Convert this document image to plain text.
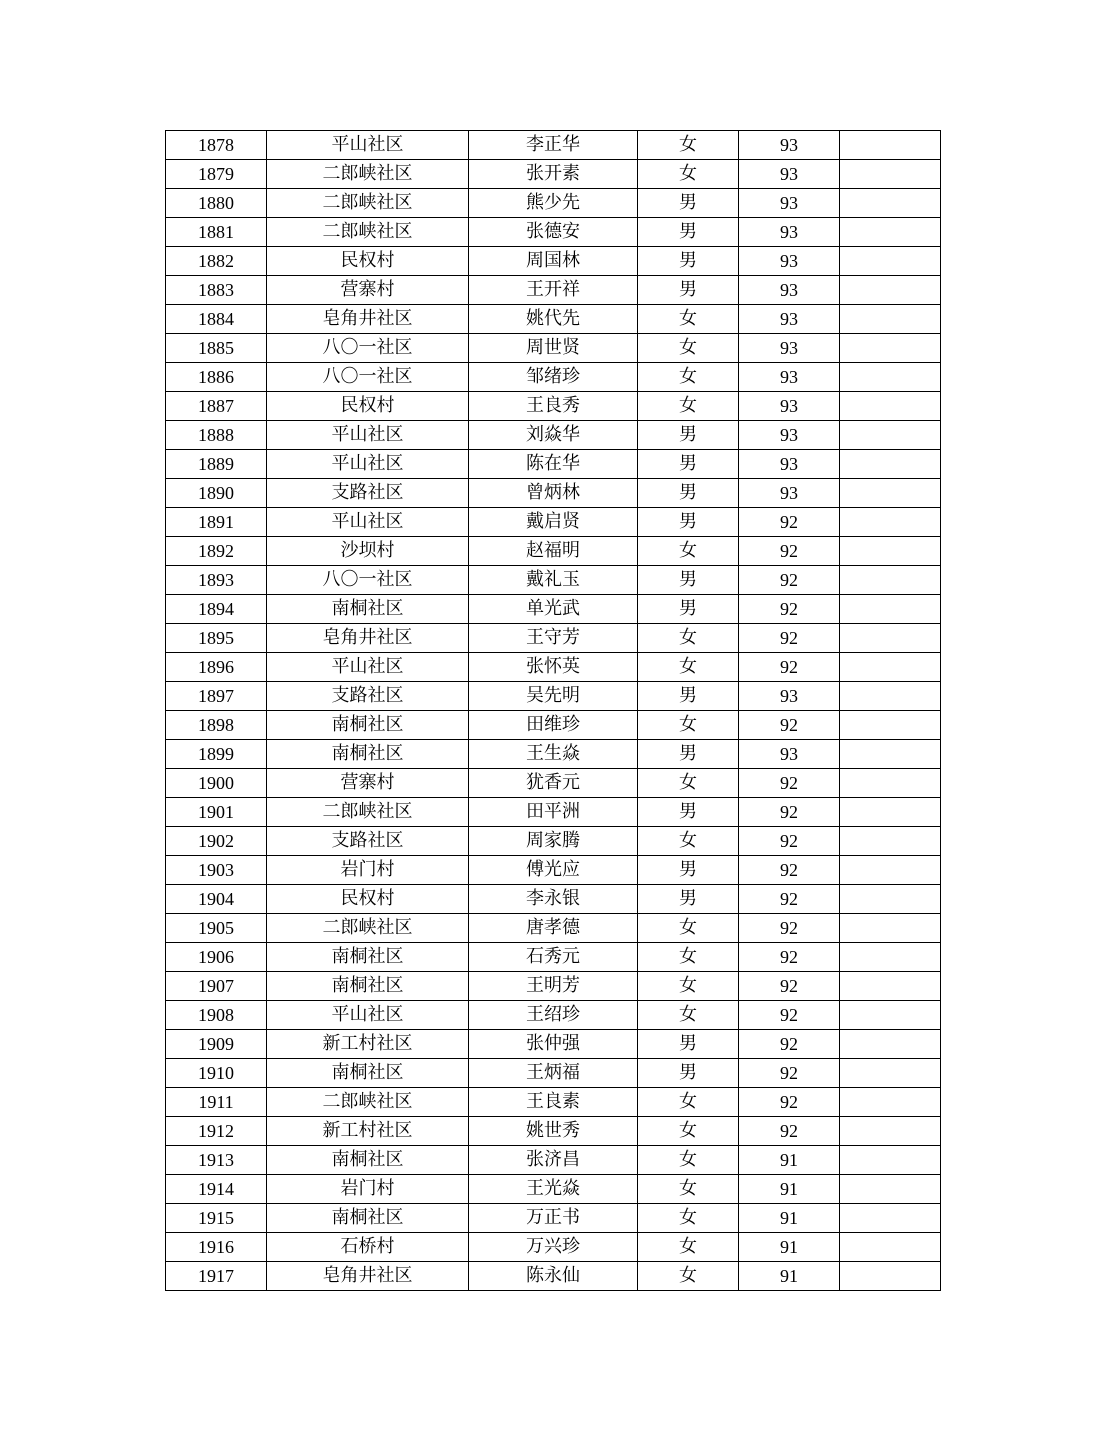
1878	平山社区	李正华	女	93	
1879	二郎峡社区	张开素	女	93	
1880	二郎峡社区	熊少先	男	93	
1881	二郎峡社区	张德安	男	93	
1882	民权村	周国林	男	93	
1883	营寨村	王开祥	男	93	
1884	皂角井社区	姚代先	女	93	
1885	八〇一社区	周世贤	女	93	
1886	八〇一社区	邹绪珍	女	93	
1887	民权村	王良秀	女	93	
1888	平山社区	刘焱华	男	93	
1889	平山社区	陈在华	男	93	
1890	支路社区	曾炳林	男	93	
1891	平山社区	戴启贤	男	92	
1892	沙坝村	赵福明	女	92	
1893	八〇一社区	戴礼玉	男	92	
1894	南桐社区	单光武	男	92	
1895	皂角井社区	王守芳	女	92	
1896	平山社区	张怀英	女	92	
1897	支路社区	吴先明	男	93	
1898	南桐社区	田维珍	女	92	
1899	南桐社区	王生焱	男	93	
1900	营寨村	犹香元	女	92	
1901	二郎峡社区	田平洲	男	92	
1902	支路社区	周家腾	女	92	
1903	岩门村	傅光应	男	92	
1904	民权村	李永银	男	92	
1905	二郎峡社区	唐孝德	女	92	
1906	南桐社区	石秀元	女	92	
1907	南桐社区	王明芳	女	92	
1908	平山社区	王绍珍	女	92	
1909	新工村社区	张仲强	男	92	
1910	南桐社区	王炳福	男	92	
1911	二郎峡社区	王良素	女	92	
1912	新工村社区	姚世秀	女	92	
1913	南桐社区	张济昌	女	91	
1914	岩门村	王光焱	女	91	
1915	南桐社区	万正书	女	91	
1916	石桥村	万兴珍	女	91	
1917	皂角井社区	陈永仙	女	91	
